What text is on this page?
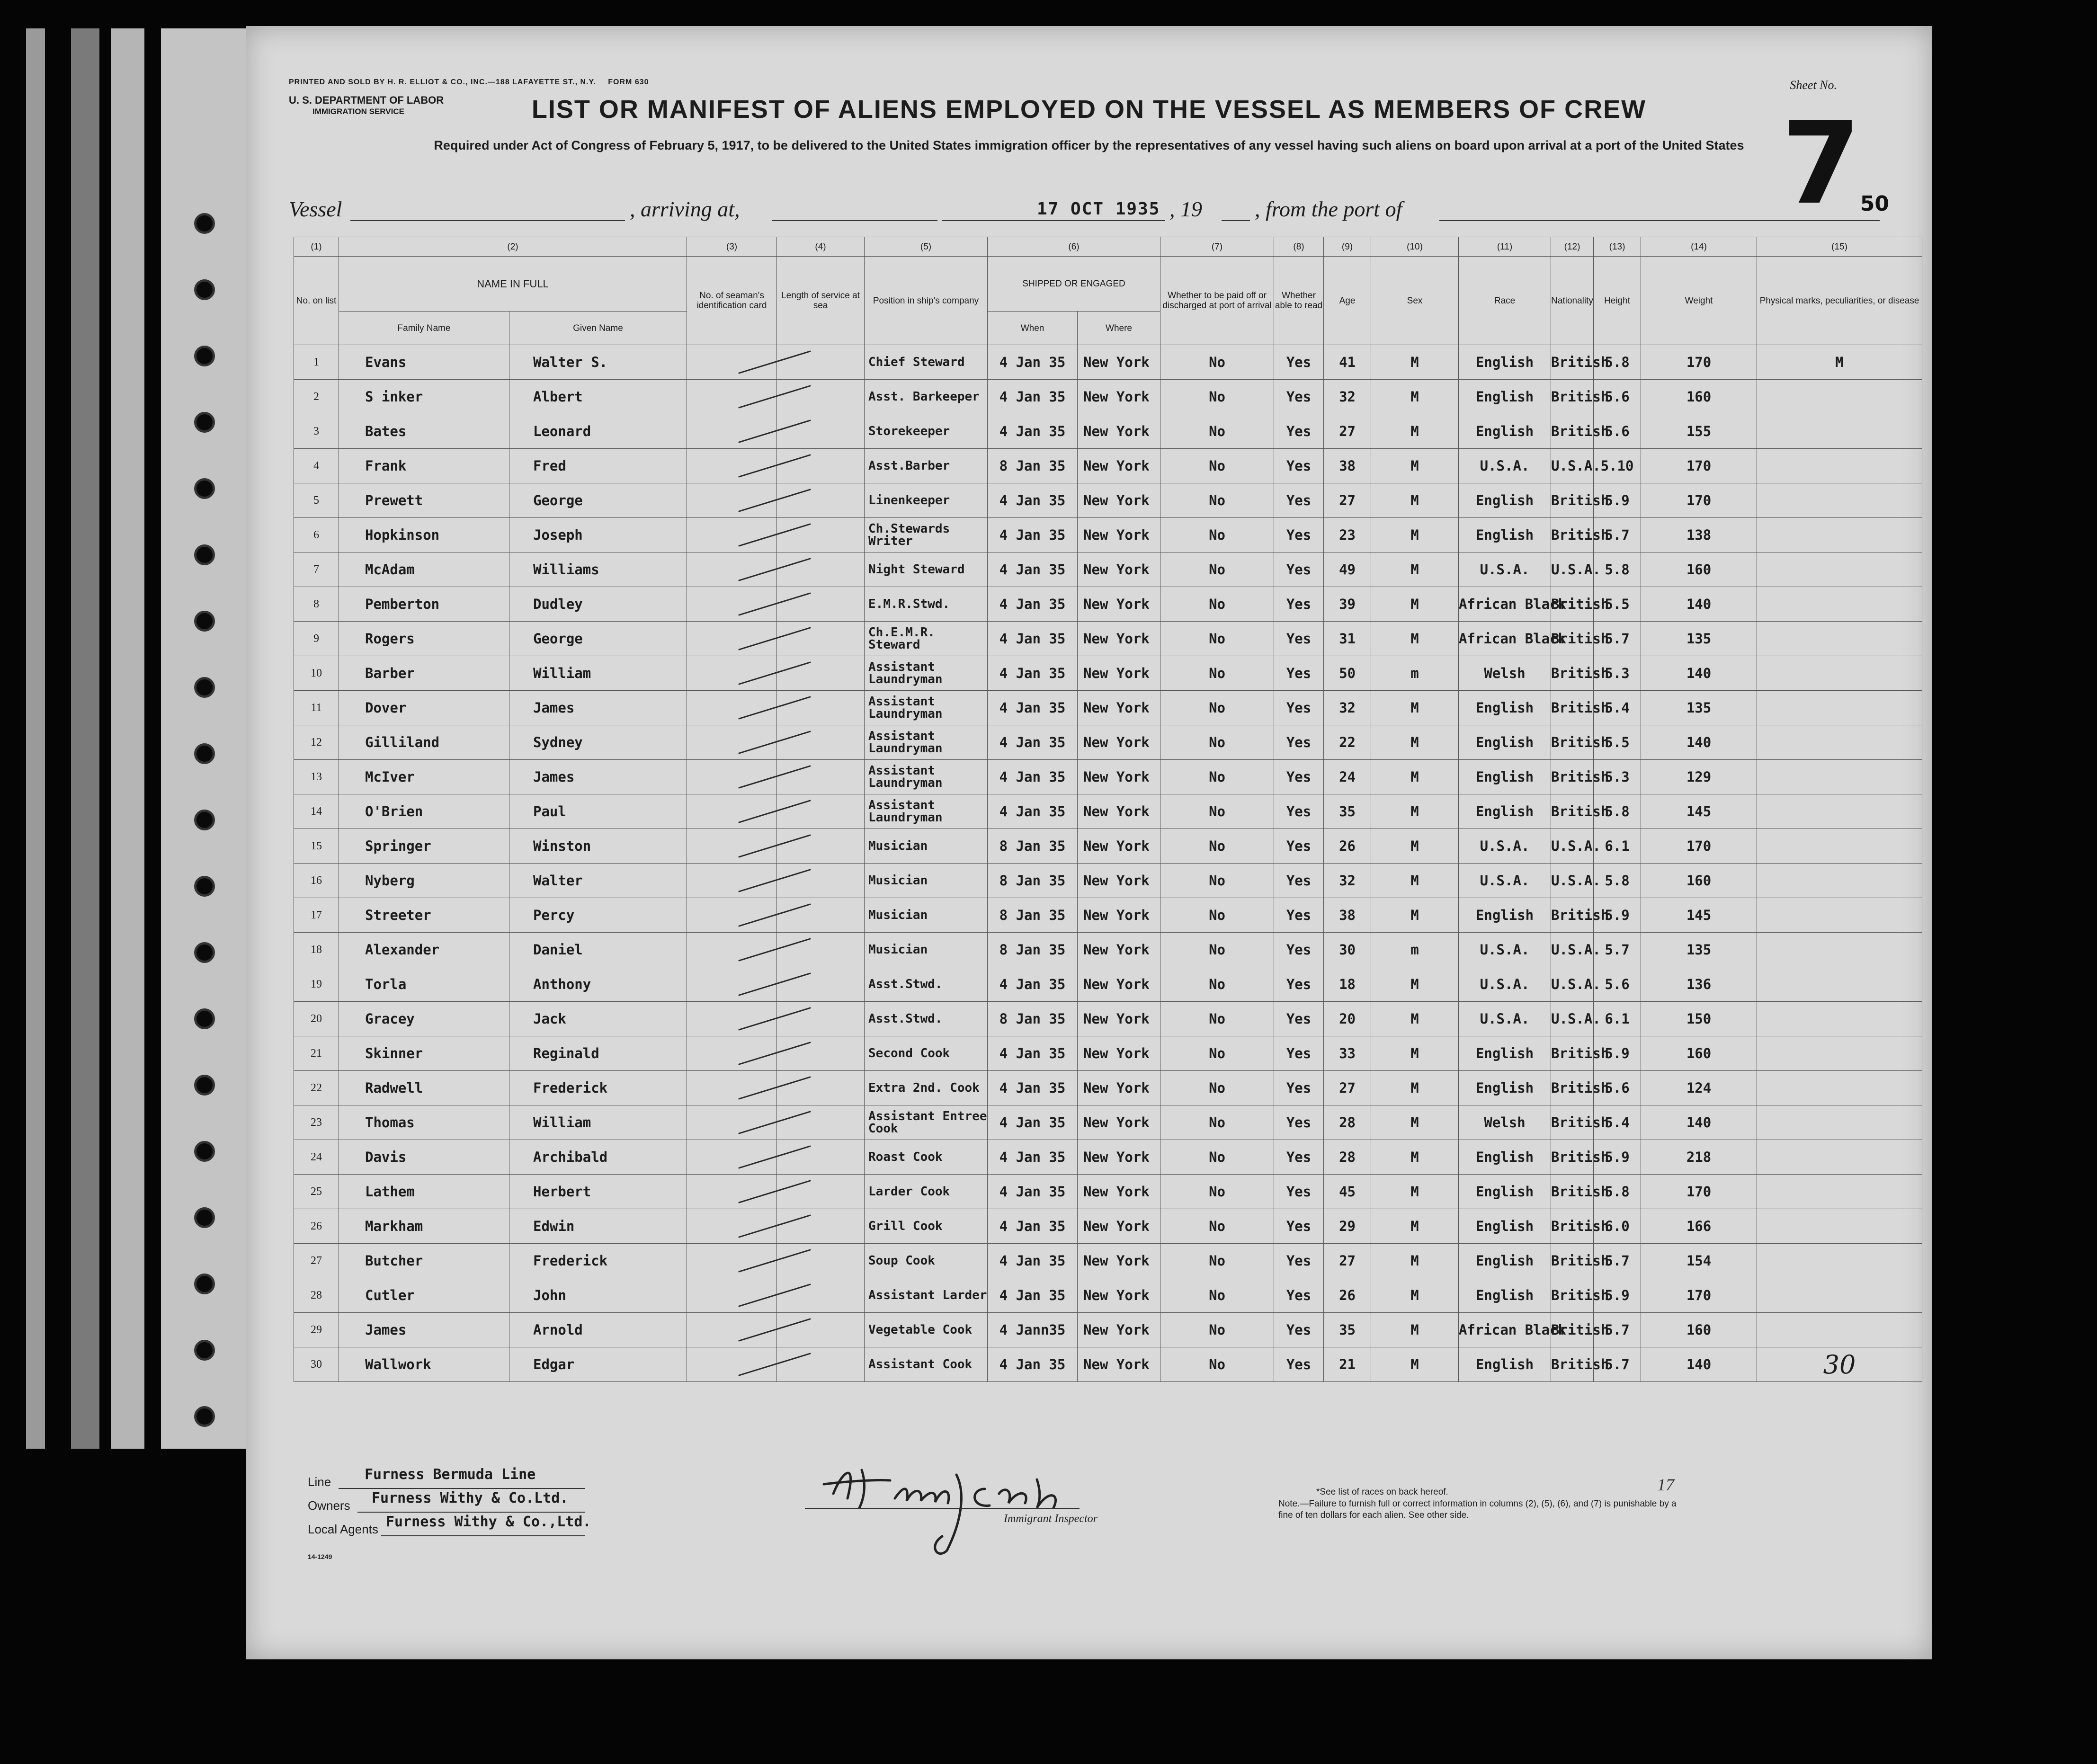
PRINTED AND SOLD BY H. R. ELLIOT & CO., INC.—188 LAFAYETTE ST., N.Y. FORM 630
U. S. DEPARTMENT OF LABOR
IMMIGRATION SERVICE
Sheet No.
7
50
LIST OR MANIFEST OF ALIENS EMPLOYED ON THE VESSEL AS MEMBERS OF CREW
Required under Act of Congress of February 5, 1917, to be delivered to the United States immigration officer by the representatives of any vessel having such aliens on board upon arrival at a port of the United States
Vessel	, arriving at,	17 OCT 1935 , 19 , from the port of
(1)	(2)		(3)	(4)	(5)	(6)		(7)	(8)	(9)	(10)	(11)	(12)	(13)	(14)	(15)
No. on list	NAME IN FULL		No. of seaman's identification card	Length of service at sea	Position in ship's company	SHIPPED OR ENGAGED		Whether to be paid off or discharged at port of arrival	Whether able to read	Age	Sex	Race	Nationality	Height	Weight	Physical marks, peculiarities, or disease
	Family Name	Given Name				When	Where									
1	Evans	Walter S.			Chief Steward	4 Jan 35	New York	No	Yes	41	M	English	British	5.8	170	M
2	S inker	Albert			Asst. Barkeeper	4 Jan 35	New York	No	Yes	32	M	English	British	5.6	160	
3	Bates	Leonard			Storekeeper	4 Jan 35	New York	No	Yes	27	M	English	British	5.6	155	
4	Frank	Fred			Asst.Barber	8 Jan 35	New York	No	Yes	38	M	U.S.A.	U.S.A.	5.10	170	
5	Prewett	George			Linenkeeper	4 Jan 35	New York	No	Yes	27	M	English	British	5.9	170	
6	Hopkinson	Joseph			Ch.Stewards Writer	4 Jan 35	New York	No	Yes	23	M	English	British	5.7	138	
7	McAdam	Williams			Night Steward	4 Jan 35	New York	No	Yes	49	M	U.S.A.	U.S.A.	5.8	160	
8	Pemberton	Dudley			E.M.R.Stwd.	4 Jan 35	New York	No	Yes	39	M	African Black	British	5.5	140	
9	Rogers	George			Ch.E.M.R. Steward	4 Jan 35	New York	No	Yes	31	M	African Black	British	5.7	135	
10	Barber	William			Assistant Laundryman	4 Jan 35	New York	No	Yes	50	m	Welsh	British	5.3	140	
11	Dover	James			Assistant Laundryman	4 Jan 35	New York	No	Yes	32	M	English	British	5.4	135	
12	Gilliland	Sydney			Assistant Laundryman	4 Jan 35	New York	No	Yes	22	M	English	British	5.5	140	
13	McIver	James			Assistant Laundryman	4 Jan 35	New York	No	Yes	24	M	English	British	5.3	129	
14	O'Brien	Paul			Assistant Laundryman	4 Jan 35	New York	No	Yes	35	M	English	British	5.8	145	
15	Springer	Winston			Musician	8 Jan 35	New York	No	Yes	26	M	U.S.A.	U.S.A.	6.1	170	
16	Nyberg	Walter			Musician	8 Jan 35	New York	No	Yes	32	M	U.S.A.	U.S.A.	5.8	160	
17	Streeter	Percy			Musician	8 Jan 35	New York	No	Yes	38	M	English	British	5.9	145	
18	Alexander	Daniel			Musician	8 Jan 35	New York	No	Yes	30	m	U.S.A.	U.S.A.	5.7	135	
19	Torla	Anthony			Asst.Stwd.	4 Jan 35	New York	No	Yes	18	M	U.S.A.	U.S.A.	5.6	136	
20	Gracey	Jack			Asst.Stwd.	8 Jan 35	New York	No	Yes	20	M	U.S.A.	U.S.A.	6.1	150	
21	Skinner	Reginald			Second Cook	4 Jan 35	New York	No	Yes	33	M	English	British	5.9	160	
22	Radwell	Frederick			Extra 2nd. Cook	4 Jan 35	New York	No	Yes	27	M	English	British	5.6	124	
23	Thomas	William			Assistant Entree Cook	4 Jan 35	New York	No	Yes	28	M	Welsh	British	5.4	140	
24	Davis	Archibald			Roast Cook	4 Jan 35	New York	No	Yes	28	M	English	British	5.9	218	
25	Lathem	Herbert			Larder Cook	4 Jan 35	New York	No	Yes	45	M	English	British	5.8	170	
26	Markham	Edwin			Grill Cook	4 Jan 35	New York	No	Yes	29	M	English	British	6.0	166	
27	Butcher	Frederick			Soup Cook	4 Jan 35	New York	No	Yes	27	M	English	British	5.7	154	
28	Cutler	John			Assistant Larder	4 Jan 35	New York	No	Yes	26	M	English	British	5.9	170	
29	James	Arnold			Vegetable Cook	4 Jann35	New York	No	Yes	35	M	African Black	British	5.7	160	
30	Wallwork	Edgar			Assistant Cook	4 Jan 35	New York	No	Yes	21	M	English	British	5.7	140	30
Line Furness Bermuda Line
Owners Furness Withy & Co.Ltd.
Local Agents Furness Withy & Co.,Ltd.
14-1249
Immigrant Inspector
*See list of races on back hereof.
Note.—Failure to furnish full or correct information in columns (2), (5), (6), and (7) is punishable by a fine of ten dollars for each alien. See other side.
17
